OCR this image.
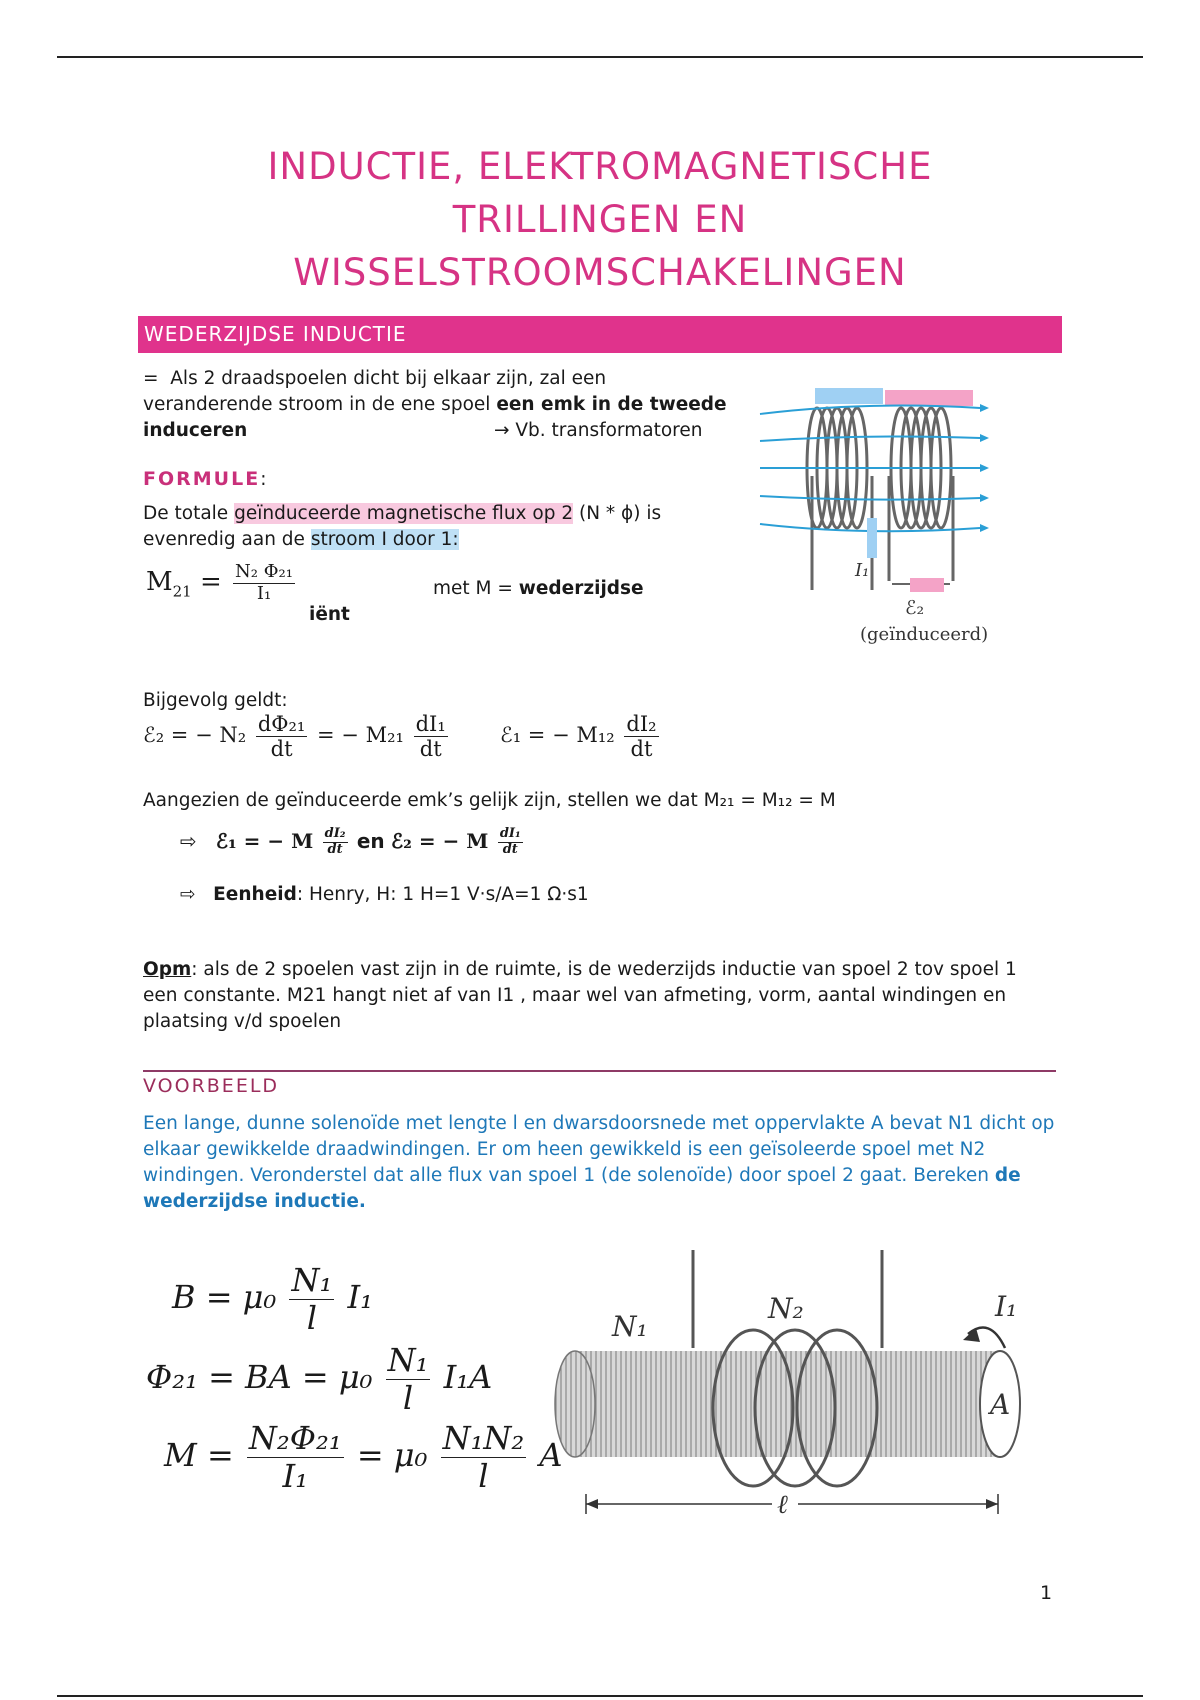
INDUCTIE, ELEKTROMAGNETISCHE
TRILLINGEN EN
WISSELSTROOMSCHAKELINGEN
WEDERZIJDSE INDUCTIE
= Als 2 draadspoelen dicht bij elkaar zijn, zal een veranderende stroom in de ene spoel een emk in de tweede induceren	→ Vb. transformatoren
FORMULE:
De totale geïnduceerde magnetische flux op 2 (N * ϕ) is evenredig aan de stroom I door 1:
$M_{21} = \frac{\text{N₂ Φ₂₁}}{\text{I₁}}$	met M = wederzijdse
iënt
I₁
ℰ₂
(geïnduceerd)
Bijgevolg geldt:
ℰ₂ = − $N_2 \frac{\text{dΦ₂₁}}{dt}$ = − $M_{21} \frac{\text{dI₁}}{dt}$ ℰ₁ = − $M_{12} \frac{\text{dI₂}}{dt}$
Aangezien de geïnduceerde emk’s gelijk zijn, stellen we dat M₂₁ = M₁₂ = M
⇨ ℰ₁ = − M $\frac{\text{dI₂}}{dt}$ en ℰ₂ = − M $\frac{\text{dI₁}}{dt}$
⇨ Eenheid: Henry, H: 1 H=1 V·s/A=1 Ω·s1
Opm: als de 2 spoelen vast zijn in de ruimte, is de wederzijds inductie van spoel 2 tov spoel 1 een constante. M21 hangt niet af van I1 , maar wel van afmeting, vorm, aantal windingen en plaatsing v/d spoelen
VOORBEELD
Een lange, dunne solenoïde met lengte l en dwarsdoorsnede met oppervlakte A bevat N1 dicht op elkaar gewikkelde draadwindingen. Er om heen gewikkeld is een geïsoleerde spoel met N2 windingen. Veronderstel dat alle flux van spoel 1 (de solenoïde) door spoel 2 gaat. Bereken de wederzijdse inductie.
$B = \mu_0 \frac{\text{N₁}}{l} I_1$
Φ₂₁ = BA = $\mu_0 \frac{\text{N₁}}{l} I_1A$
$M = \frac{\text{N₂Φ₂₁}}{\text{I₁}} = \mu_0 \frac{\text{N₁N₂}}{l}$ A
N₁
N₂	I₁
A
ℓ
1
